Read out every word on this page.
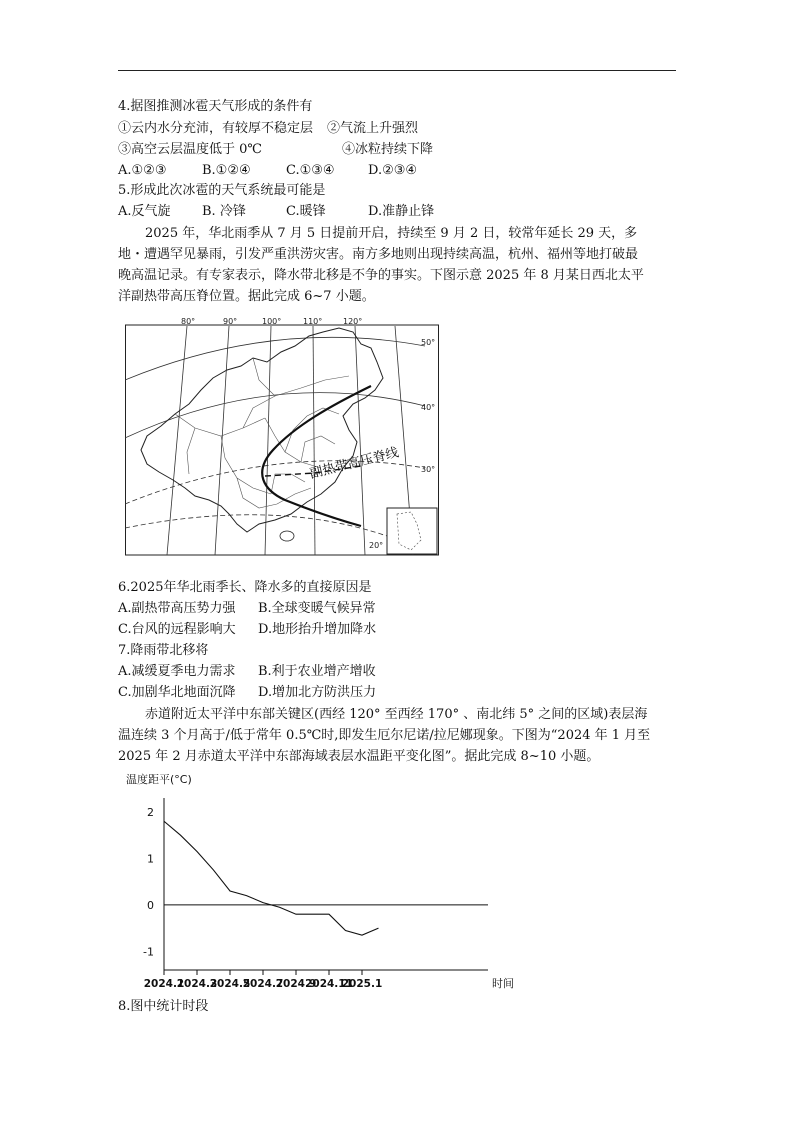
4.据图推测冰雹天气形成的条件有
①云内水分充沛，有较厚不稳定层 ②气流上升强烈
③高空云层温度低于 0℃	④冰粒持续下降
A.①②③	B.①②④	C.①③④	D.②③④
5.形成此次冰雹的天气系统最可能是
A.反气旋 B. 冷锋	C.暖锋	D.准静止锋
2025 年，华北雨季从 7 月 5 日提前开启，持续至 9 月 2 日，较常年延长 29 天，多
地・遭遇罕见暴雨，引发严重洪涝灾害。南方多地则出现持续高温，杭州、福州等地打破最
晚高温记录。有专家表示，降水带北移是不争的事实。下图示意 2025 年 8 月某日西北太平
洋副热带高压脊位置。据此完成 6~7 小题。
80°	90°	100°	110°	120°
50°
40°
30°
20°
副热带高压脊线
6.2025年华北雨季长、降水多的直接原因是
A.副热带高压势力强 B.全球变暖气候异常
C.台风的远程影响大 D.地形抬升增加降水
7.降雨带北移将
A.减缓夏季电力需求 B.利于农业增产增收
C.加剧华北地面沉降 D.增加北方防洪压力
赤道附近太平洋中东部关键区(西经 120° 至西经 170° 、南北纬 5° 之间的区域)表层海
温连续 3 个月高于/低于常年 0.5℃时,即发生厄尔尼诺/拉尼娜现象。下图为“2024 年 1 月至
2025 年 2 月赤道太平洋中东部海域表层水温距平变化图”。据此完成 8~10 小题。
温度距平(°C)
2
1
0
-1
2024.1
2024.3
2024.5
2024.7
2024.9
2024.11
2025.1	时间
8.图中统计时段
